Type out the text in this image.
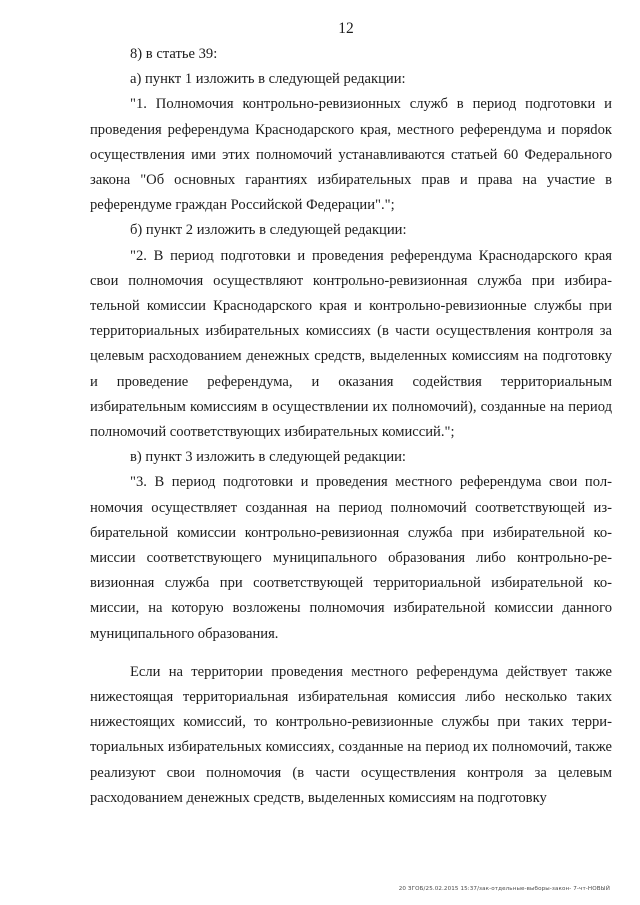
12

8) в статье 39:

а) пункт 1 изложить в следующей редакции:

"1. Полномочия контрольно-ревизионных служб в период подготовки и проведения референдума Краснодарского края, местного референдума и поряdок осуществления ими этих полномочий устанавливаются статьей 60 Федерального закона "Об основных гарантиях избирательных прав и права на участие в референдуме граждан Российской Федерации".";

б) пункт 2 изложить в следующей редакции:

"2. В период подготовки и проведения референдума Краснодарского края свои полномочия осуществляют контрольно-ревизионная служба при избирательной комиссии Краснодарского края и контрольно-ревизионные службы при территориальных избирательных комиссиях (в части осуществления контроля за целевым расходованием денежных средств, выделенных комиссиям на подготовку и проведение референдума, и оказания содействия территориальным избирательным комиссиям в осуществлении их полномочий), созданные на период полномочий соответствующих избирательных комиссий.";

в) пункт 3 изложить в следующей редакции:

"3. В период подготовки и проведения местного референдума свои полномочия осуществляет созданная на период полномочий соответствующей избирательной комиссии контрольно-ревизионная служба при избирательной комиссии соответствующего муниципального образования либо контрольно-ревизионная служба при соответствующей территориальной избирательной комиссии, на которую возложены полномочия избирательной комиссии данного муниципального образования.

Если на территории проведения местного референдума действует также нижестоящая территориальная избирательная комиссия либо несколько таких нижестоящих комиссий, то контрольно-ревизионные службы при таких территориальных избирательных комиссиях, созданные на период их полномочий, также реализуют свои полномочия (в части осуществления контроля за целевым расходованием денежных средств, выделенных комиссиям на подготовку

20 ЗГОБ/25.02.2015 15:37/зак-отдельные-выборы-закон- 7-чт-НОВЫЙ
